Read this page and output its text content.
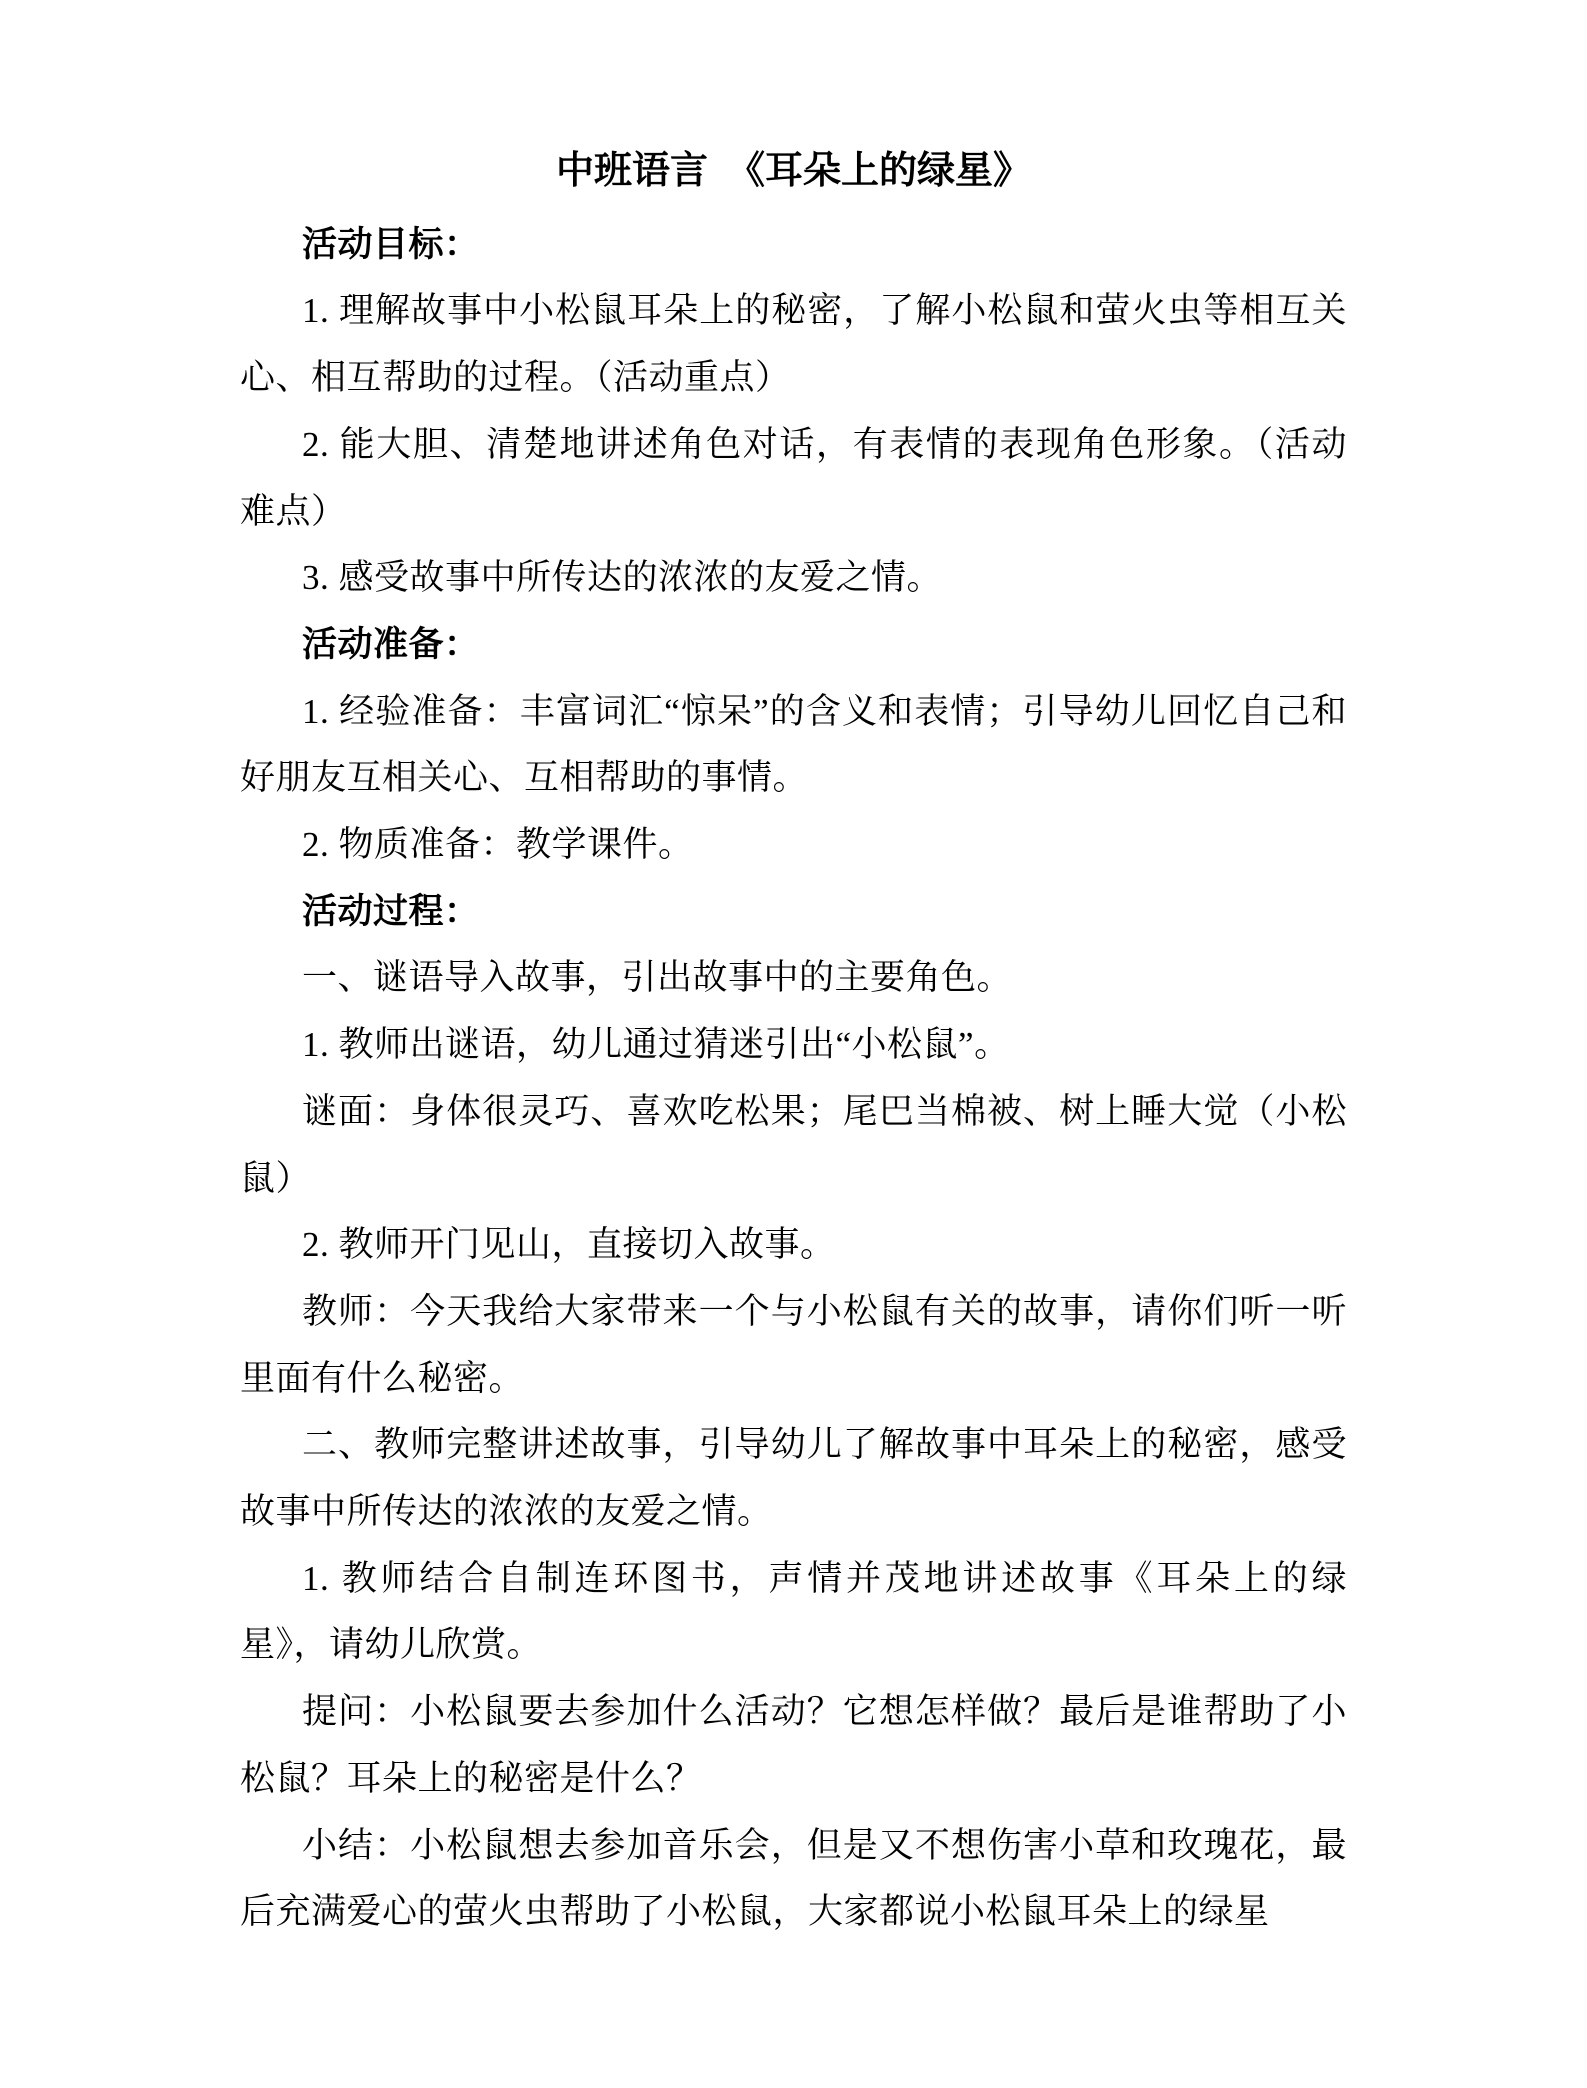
中班语言　《耳朵上的绿星》

活动目标：

1. 理解故事中小松鼠耳朵上的秘密，了解小松鼠和萤火虫等相互关心、相互帮助的过程。（活动重点）

2. 能大胆、清楚地讲述角色对话，有表情的表现角色形象。（活动难点）

3. 感受故事中所传达的浓浓的友爱之情。

活动准备：

1. 经验准备：丰富词汇“惊呆”的含义和表情；引导幼儿回忆自己和好朋友互相关心、互相帮助的事情。

2. 物质准备：教学课件。

活动过程：

一、谜语导入故事，引出故事中的主要角色。

1. 教师出谜语，幼儿通过猜迷引出“小松鼠”。

谜面：身体很灵巧、喜欢吃松果；尾巴当棉被、树上睡大觉（小松鼠）

2. 教师开门见山，直接切入故事。

教师：今天我给大家带来一个与小松鼠有关的故事，请你们听一听里面有什么秘密。

二、教师完整讲述故事，引导幼儿了解故事中耳朵上的秘密，感受故事中所传达的浓浓的友爱之情。

1. 教师结合自制连环图书，声情并茂地讲述故事《耳朵上的绿星》，请幼儿欣赏。

提问：小松鼠要去参加什么活动？它想怎样做？最后是谁帮助了小松鼠？耳朵上的秘密是什么？

小结：小松鼠想去参加音乐会，但是又不想伤害小草和玫瑰花，最后充满爱心的萤火虫帮助了小松鼠，大家都说小松鼠耳朵上的绿星
